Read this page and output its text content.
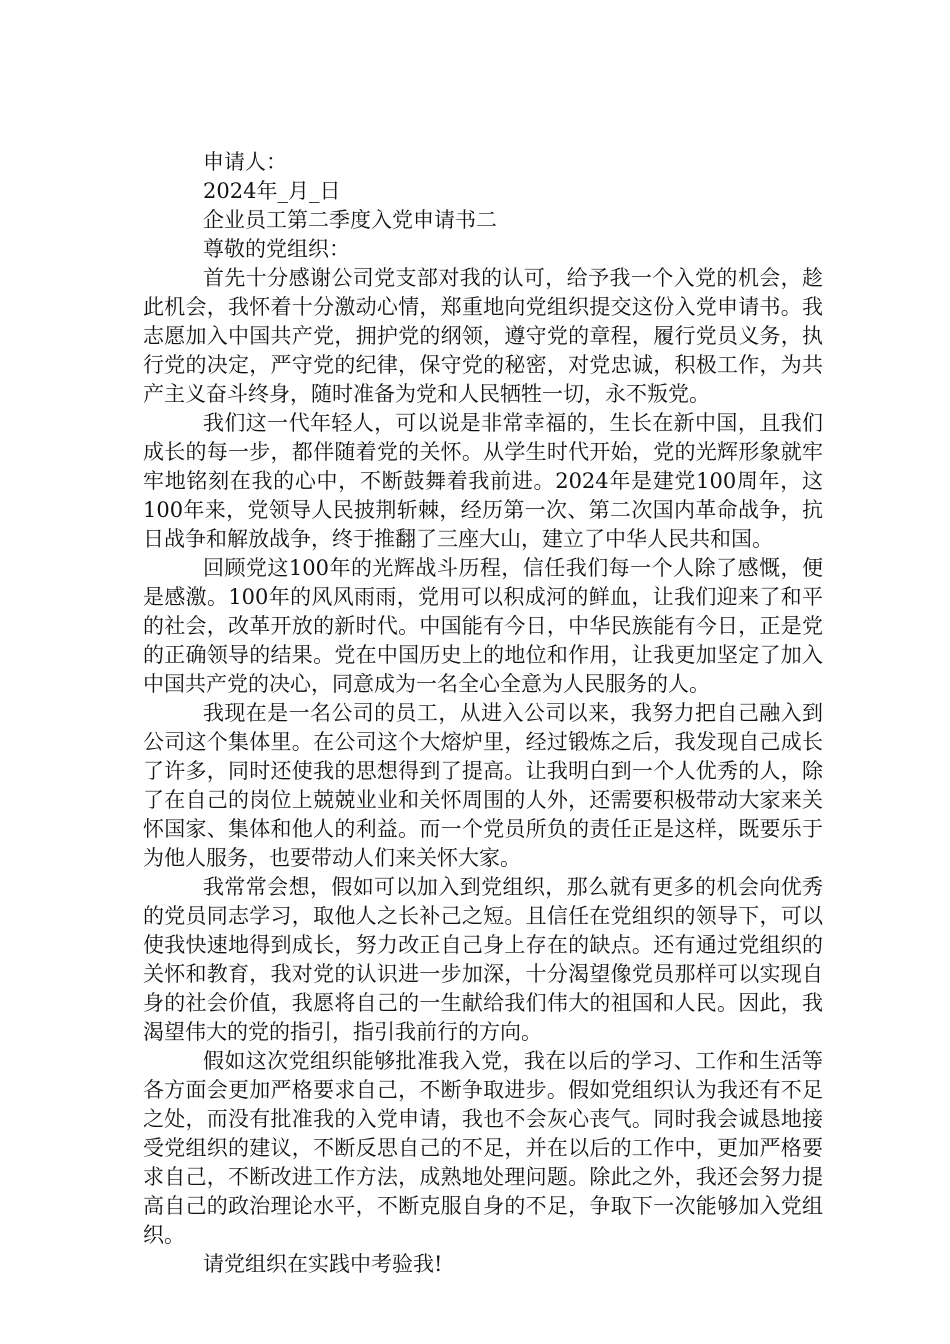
申请人：
2024年_月_日
企业员工第二季度入党申请书二
尊敬的党组织：

首先十分感谢公司党支部对我的认可，给予我一个入党的机会，趁此机会，我怀着十分激动心情，郑重地向党组织提交这份入党申请书。我志愿加入中国共产党，拥护党的纲领，遵守党的章程，履行党员义务，执行党的决定，严守党的纪律，保守党的秘密，对党忠诚，积极工作，为共产主义奋斗终身，随时准备为党和人民牺牲一切，永不叛党。

我们这一代年轻人，可以说是非常幸福的，生长在新中国，且我们成长的每一步，都伴随着党的关怀。从学生时代开始，党的光辉形象就牢牢地铭刻在我的心中，不断鼓舞着我前进。2024年是建党100周年，这100年来，党领导人民披荆斩棘，经历第一次、第二次国内革命战争，抗日战争和解放战争，终于推翻了三座大山，建立了中华人民共和国。

回顾党这100年的光辉战斗历程，信任我们每一个人除了感慨，便是感激。100年的风风雨雨，党用可以积成河的鲜血，让我们迎来了和平的社会，改革开放的新时代。中国能有今日，中华民族能有今日，正是党的正确领导的结果。党在中国历史上的地位和作用，让我更加坚定了加入中国共产党的决心，同意成为一名全心全意为人民服务的人。

我现在是一名公司的员工，从进入公司以来，我努力把自己融入到公司这个集体里。在公司这个大熔炉里，经过锻炼之后，我发现自己成长了许多，同时还使我的思想得到了提高。让我明白到一个人优秀的人，除了在自己的岗位上兢兢业业和关怀周围的人外，还需要积极带动大家来关怀国家、集体和他人的利益。而一个党员所负的责任正是这样，既要乐于为他人服务，也要带动人们来关怀大家。

我常常会想，假如可以加入到党组织，那么就有更多的机会向优秀的党员同志学习，取他人之长补己之短。且信任在党组织的领导下，可以使我快速地得到成长，努力改正自己身上存在的缺点。还有通过党组织的关怀和教育，我对党的认识进一步加深，十分渴望像党员那样可以实现自身的社会价值，我愿将自己的一生献给我们伟大的祖国和人民。因此，我渴望伟大的党的指引，指引我前行的方向。

假如这次党组织能够批准我入党，我在以后的学习、工作和生活等各方面会更加严格要求自己，不断争取进步。假如党组织认为我还有不足之处，而没有批准我的入党申请，我也不会灰心丧气。同时我会诚恳地接受党组织的建议，不断反思自己的不足，并在以后的工作中，更加严格要求自己，不断改进工作方法，成熟地处理问题。除此之外，我还会努力提高自己的政治理论水平，不断克服自身的不足，争取下一次能够加入党组织。

请党组织在实践中考验我!
